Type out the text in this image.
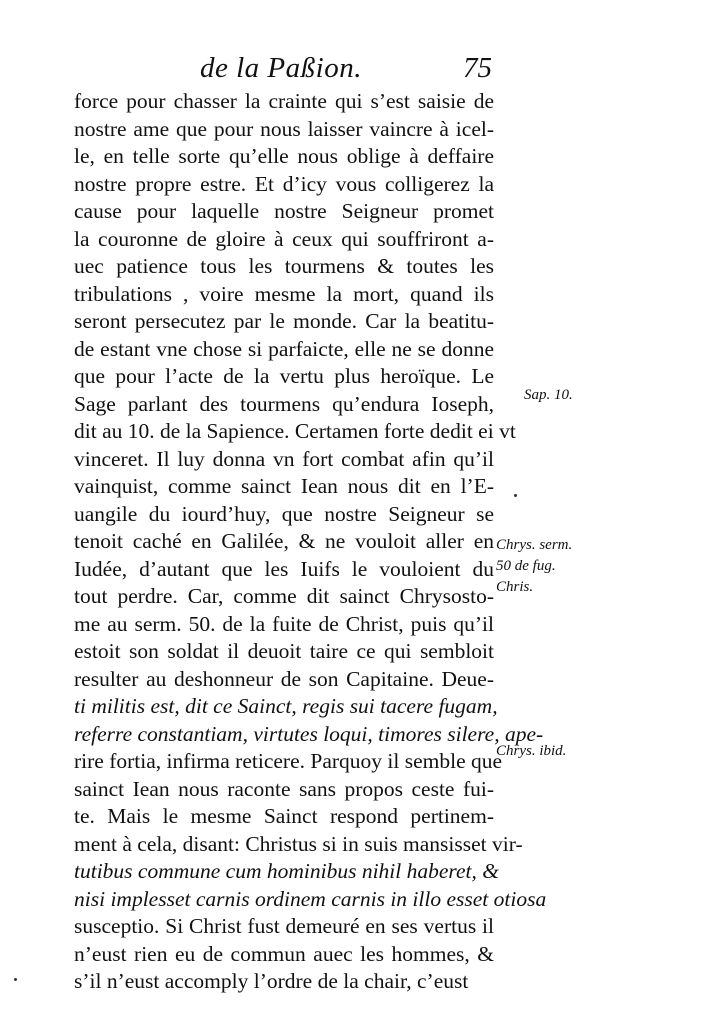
de la Paßion.	75
force pour chasser la crainte qui s’est saisie de
nostre ame que pour nous laisser vaincre à icel-
le, en telle sorte qu’elle nous oblige à deffaire
nostre propre estre. Et d’icy vous colligerez la
cause pour laquelle nostre Seigneur promet
la couronne de gloire à ceux qui souffriront a-
uec patience tous les tourmens & toutes les
tribulations , voire mesme la mort, quand ils
seront persecutez par le monde. Car la beatitu-
de estant vne chose si parfaicte, elle ne se donne
que pour l’acte de la vertu plus heroïque. Le
Sage parlant des tourmens qu’endura Ioseph,
dit au 10. de la Sapience. Certamen forte dedit ei vt
vinceret. Il luy donna vn fort combat afin qu’il
vainquist, comme sainct Iean nous dit en l’E-
uangile du iourd’huy, que nostre Seigneur se
tenoit caché en Galilée, & ne vouloit aller en
Iudée, d’autant que les Iuifs le vouloient du
tout perdre. Car, comme dit sainct Chrysosto-
me au serm. 50. de la fuite de Christ, puis qu’il
estoit son soldat il deuoit taire ce qui sembloit
resulter au deshonneur de son Capitaine. Deue-
ti militis est, dit ce Sainct, regis sui tacere fugam,
referre constantiam, virtutes loqui, timores silere, ape-
rire fortia, infirma reticere. Parquoy il semble que
sainct Iean nous raconte sans propos ceste fui-
te. Mais le mesme Sainct respond pertinem-
ment à cela, disant: Christus si in suis mansisset vir-
tutibus commune cum hominibus nihil haberet, &
nisi implesset carnis ordinem carnis in illo esset otiosa
susceptio. Si Christ fust demeuré en ses vertus il
n’eust rien eu de commun auec les hommes, &
s’il n’eust accomply l’ordre de la chair, c’eust
Sap. 10.
Chrys. serm.
50 de fug.
Chris.
Chrys. ibid.
